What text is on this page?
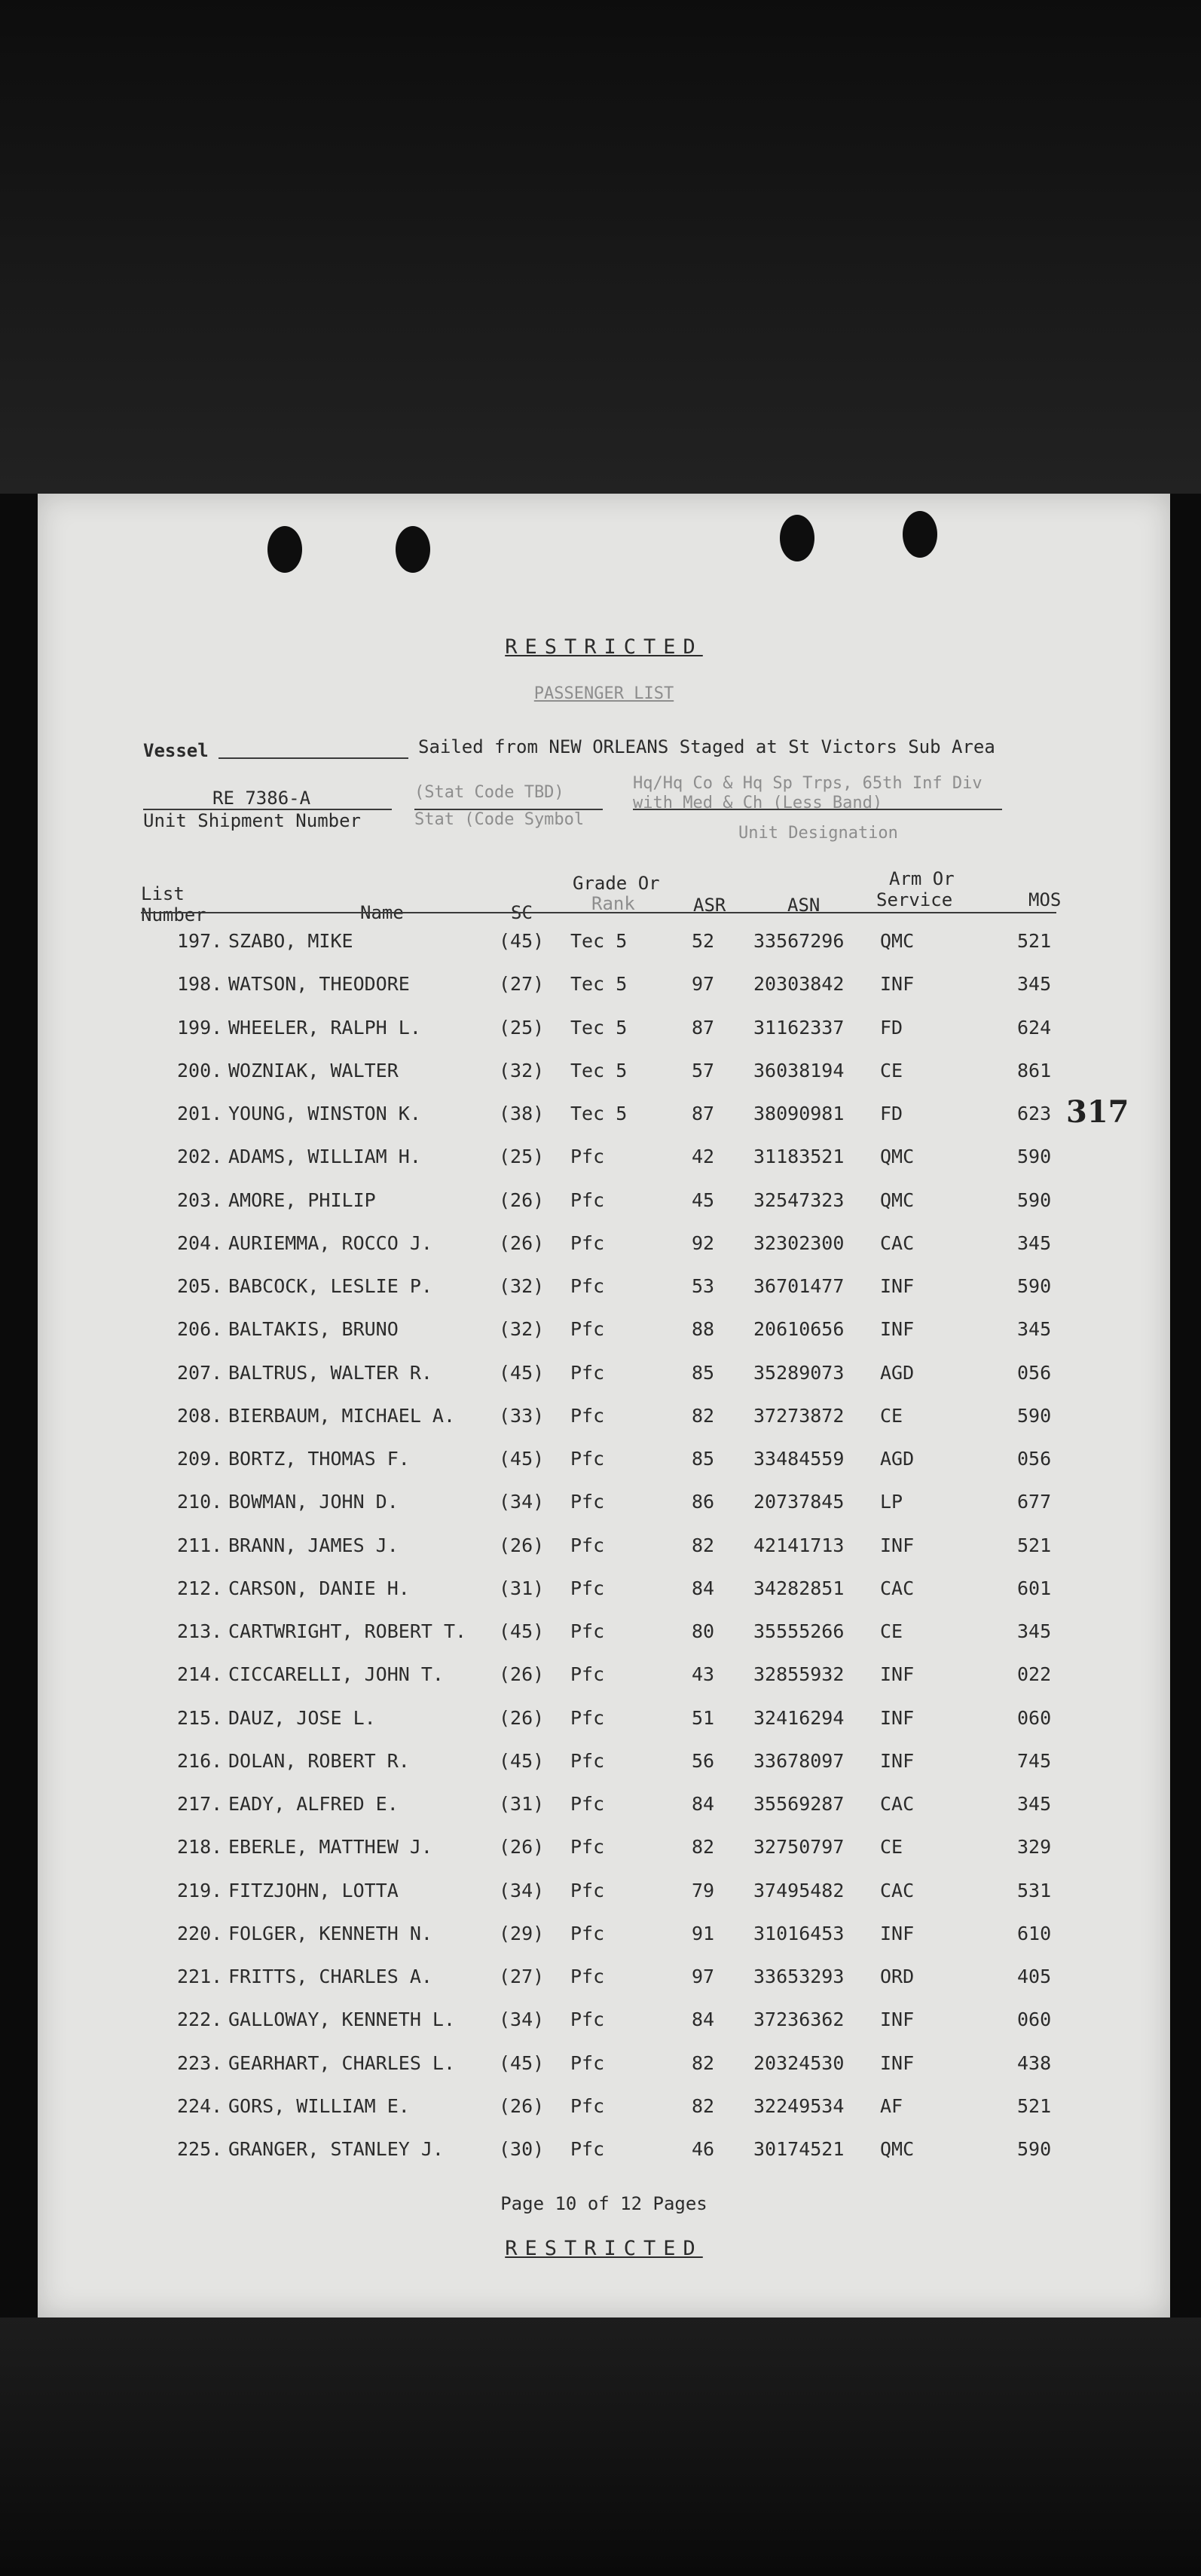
RESTRICTED
PASSENGER LIST
Vessel	Sailed from NEW ORLEANS Staged at St Victors Sub Area
RE 7386-A	(Stat Code TBD)	Hq/Hq Co & Hq Sp Trps, 65th Inf Div
with Med & Ch (Less Band)
Unit Shipment Number	Stat (Code Symbol
Unit Designation
List
Number	Name	SC
Grade Or
Rank	ASR	ASN
Arm Or
Service	MOS
197. SZABO, MIKE	(45) Tec 5	52 33567296 QMC	521
198. WATSON, THEODORE	(27) Tec 5	97 20303842 INF	345
199. WHEELER, RALPH L.	(25) Tec 5	87 31162337 FD	624
200. WOZNIAK, WALTER	(32) Tec 5	57 36038194 CE	861
201. YOUNG, WINSTON K.	(38) Tec 5	87 38090981 FD	623
202. ADAMS, WILLIAM H.	(25) Pfc	42 31183521 QMC	590
203. AMORE, PHILIP	(26) Pfc	45 32547323 QMC	590
204. AURIEMMA, ROCCO J.	(26) Pfc	92 32302300 CAC	345
205. BABCOCK, LESLIE P.	(32) Pfc	53 36701477 INF	590
206. BALTAKIS, BRUNO	(32) Pfc	88 20610656 INF	345
207. BALTRUS, WALTER R.	(45) Pfc	85 35289073 AGD	056
208. BIERBAUM, MICHAEL A. (33) Pfc	82 37273872 CE	590
209. BORTZ, THOMAS F.	(45) Pfc	85 33484559 AGD	056
210. BOWMAN, JOHN D.	(34) Pfc	86 20737845 LP	677
211. BRANN, JAMES J.	(26) Pfc	82 42141713 INF	521
212. CARSON, DANIE H.	(31) Pfc	84 34282851 CAC	601
213. CARTWRIGHT, ROBERT T. (45) Pfc	80 35555266 CE	345
214. CICCARELLI, JOHN T.	(26) Pfc	43 32855932 INF	022
215. DAUZ, JOSE L.	(26) Pfc	51 32416294 INF	060
216. DOLAN, ROBERT R.	(45) Pfc	56 33678097 INF	745
217. EADY, ALFRED E.	(31) Pfc	84 35569287 CAC	345
218. EBERLE, MATTHEW J.	(26) Pfc	82 32750797 CE	329
219. FITZJOHN, LOTTA	(34) Pfc	79 37495482 CAC	531
220. FOLGER, KENNETH N.	(29) Pfc	91 31016453 INF	610
221. FRITTS, CHARLES A.	(27) Pfc	97 33653293 ORD	405
222. GALLOWAY, KENNETH L. (34) Pfc	84 37236362 INF	060
223. GEARHART, CHARLES L. (45) Pfc	82 20324530 INF	438
224. GORS, WILLIAM E.	(26) Pfc	82 32249534 AF	521
225. GRANGER, STANLEY J.	(30) Pfc	46 30174521 QMC	590
317
Page 10 of 12 Pages
RESTRICTED
